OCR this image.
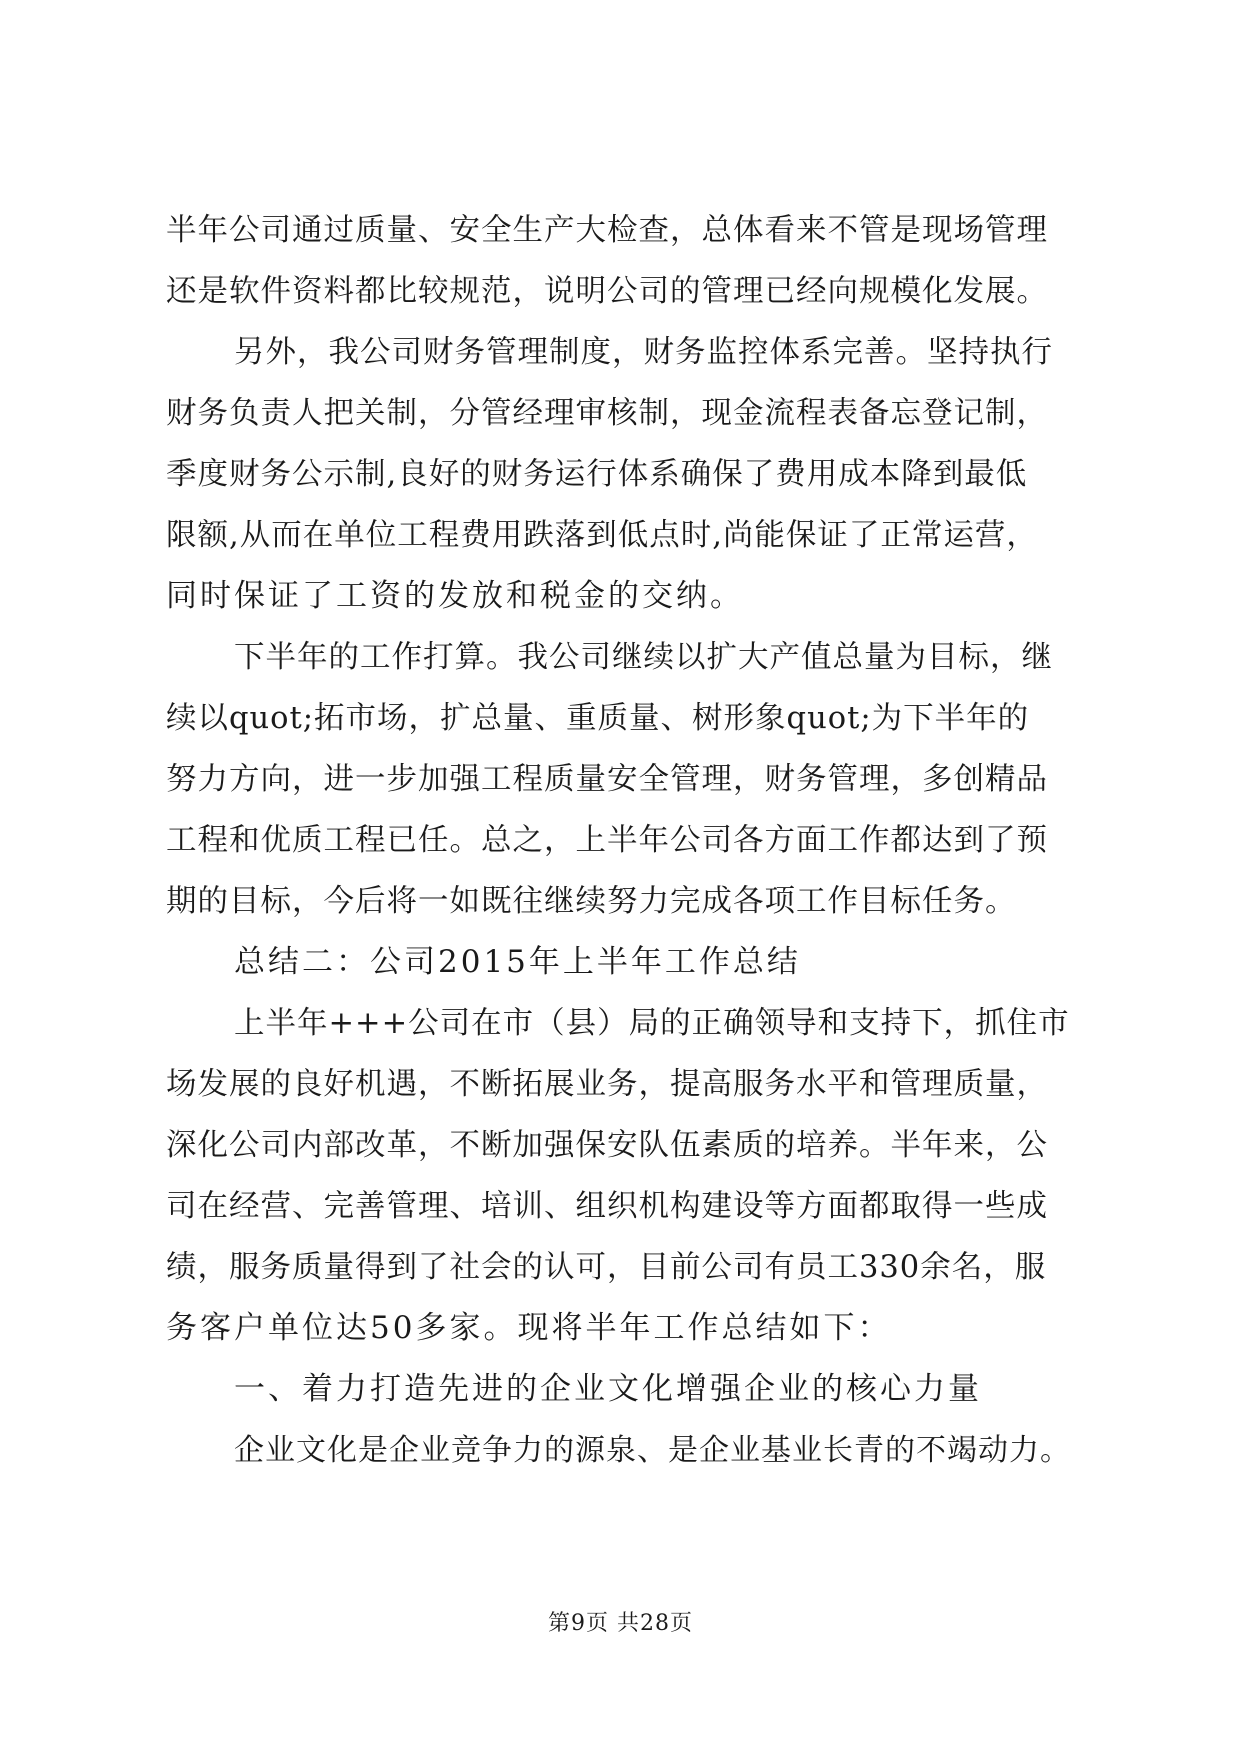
半年公司通过质量、安全生产大检查，总体看来不管是现场管理
还是软件资料都比较规范，说明公司的管理已经向规模化发展。
另外，我公司财务管理制度，财务监控体系完善。坚持执行
财务负责人把关制，分管经理审核制，现金流程表备忘登记制，
季度财务公示制,良好的财务运行体系确保了费用成本降到最低
限额,从而在单位工程费用跌落到低点时,尚能保证了正常运营，
同时保证了工资的发放和税金的交纳。
下半年的工作打算。我公司继续以扩大产值总量为目标，继
续以quot;拓市场，扩总量、重质量、树形象quot;为下半年的
努力方向，进一步加强工程质量安全管理，财务管理，多创精品
工程和优质工程已任。总之，上半年公司各方面工作都达到了预
期的目标，今后将一如既往继续努力完成各项工作目标任务。
总结二：公司2015年上半年工作总结
上半年+++公司在市（县）局的正确领导和支持下，抓住市
场发展的良好机遇，不断拓展业务，提高服务水平和管理质量，
深化公司内部改革，不断加强保安队伍素质的培养。半年来，公
司在经营、完善管理、培训、组织机构建设等方面都取得一些成
绩，服务质量得到了社会的认可，目前公司有员工330余名，服
务客户单位达50多家。现将半年工作总结如下：
一、着力打造先进的企业文化增强企业的核心力量
企业文化是企业竞争力的源泉、是企业基业长青的不竭动力。
第9页 共28页
